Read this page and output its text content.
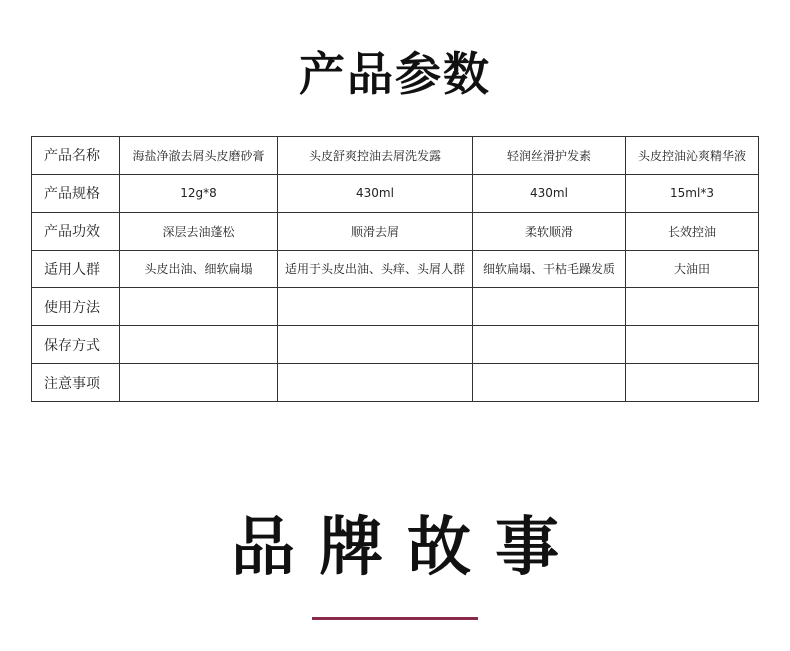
产品参数
产品名称	海盐净澈去屑头皮磨砂膏	头皮舒爽控油去屑洗发露	轻润丝滑护发素	头皮控油沁爽精华液
产品规格	12g*8	430ml	430ml	15ml*3
产品功效	深层去油蓬松	顺滑去屑	柔软顺滑	长效控油
适用人群	头皮出油、细软扁塌	适用于头皮出油、头痒、头屑人群	细软扁塌、干枯毛躁发质	大油田
使用方法				
保存方式				
注意事项				
品牌故事
